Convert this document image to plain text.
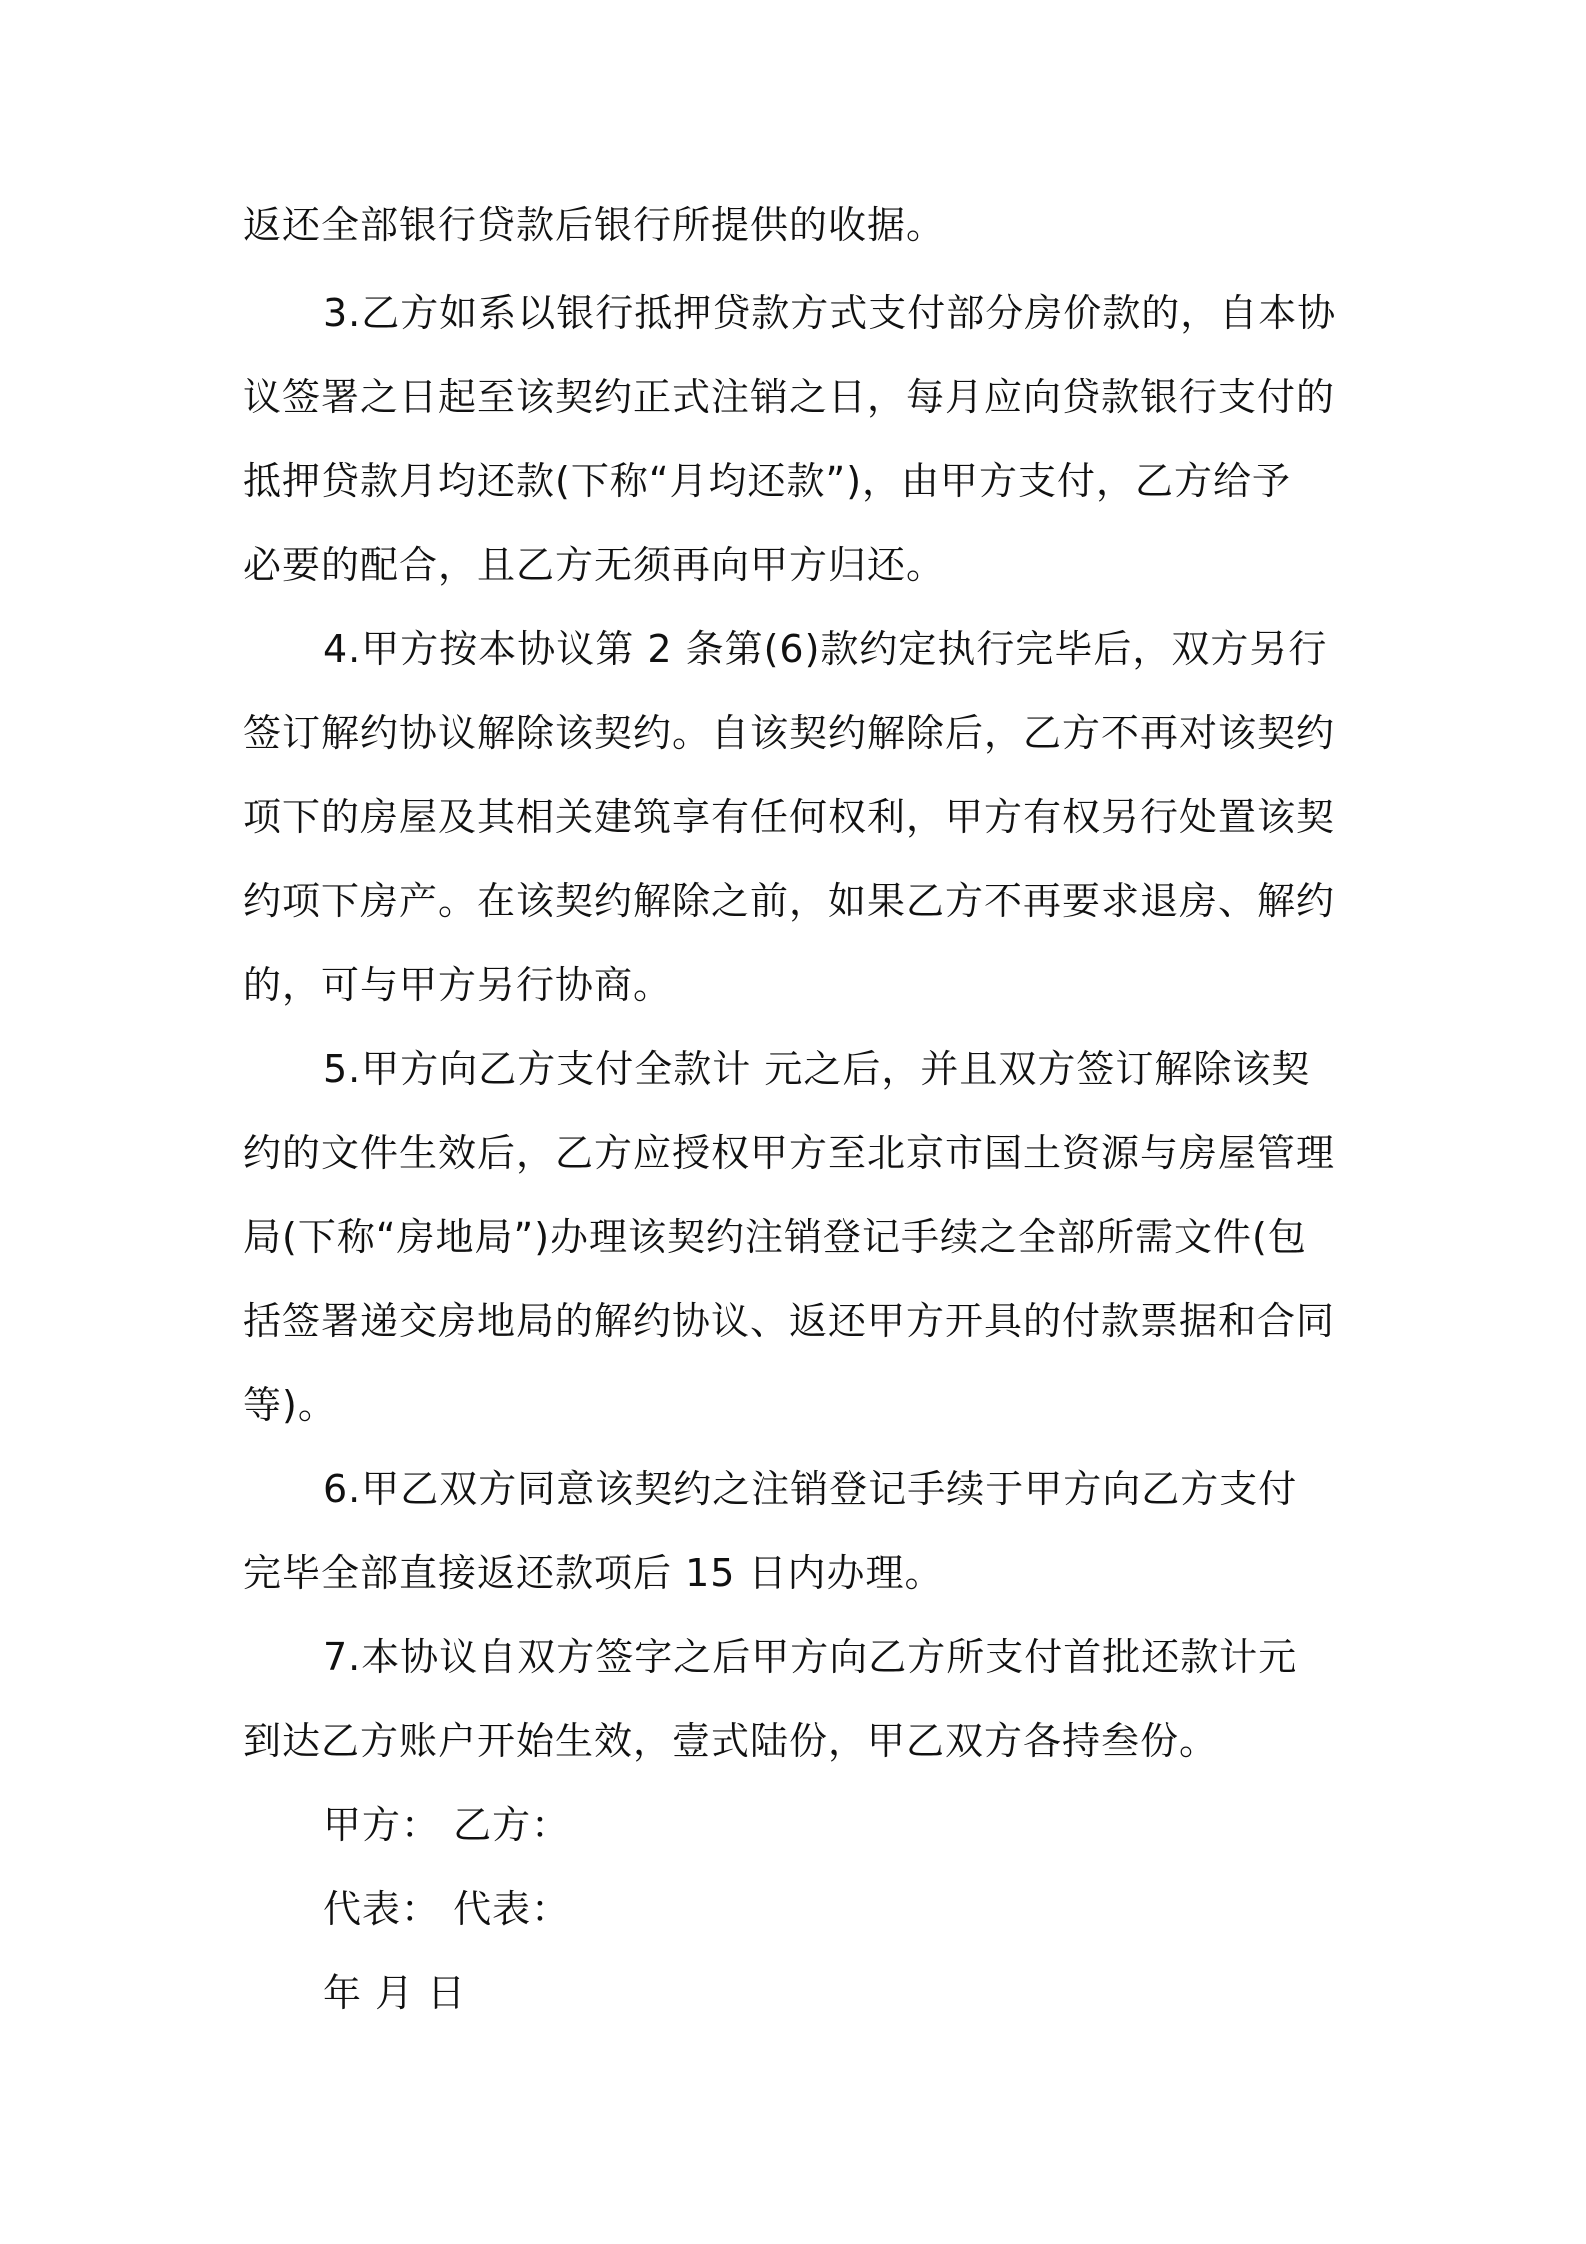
返还全部银行贷款后银行所提供的收据。
3.乙方如系以银行抵押贷款方式支付部分房价款的，自本协
议签署之日起至该契约正式注销之日，每月应向贷款银行支付的
抵押贷款月均还款(下称“月均还款”)，由甲方支付，乙方给予
必要的配合，且乙方无须再向甲方归还。
4.甲方按本协议第 2 条第(6)款约定执行完毕后，双方另行
签订解约协议解除该契约。自该契约解除后，乙方不再对该契约
项下的房屋及其相关建筑享有任何权利，甲方有权另行处置该契
约项下房产。在该契约解除之前，如果乙方不再要求退房、解约
的，可与甲方另行协商。
5.甲方向乙方支付全款计 元之后，并且双方签订解除该契
约的文件生效后，乙方应授权甲方至北京市国土资源与房屋管理
局(下称“房地局”)办理该契约注销登记手续之全部所需文件(包
括签署递交房地局的解约协议、返还甲方开具的付款票据和合同
等)。
6.甲乙双方同意该契约之注销登记手续于甲方向乙方支付
完毕全部直接返还款项后 15 日内办理。
7.本协议自双方签字之后甲方向乙方所支付首批还款计元
到达乙方账户开始生效，壹式陆份，甲乙双方各持叁份。
甲方： 乙方：
代表： 代表：
年 月 日
